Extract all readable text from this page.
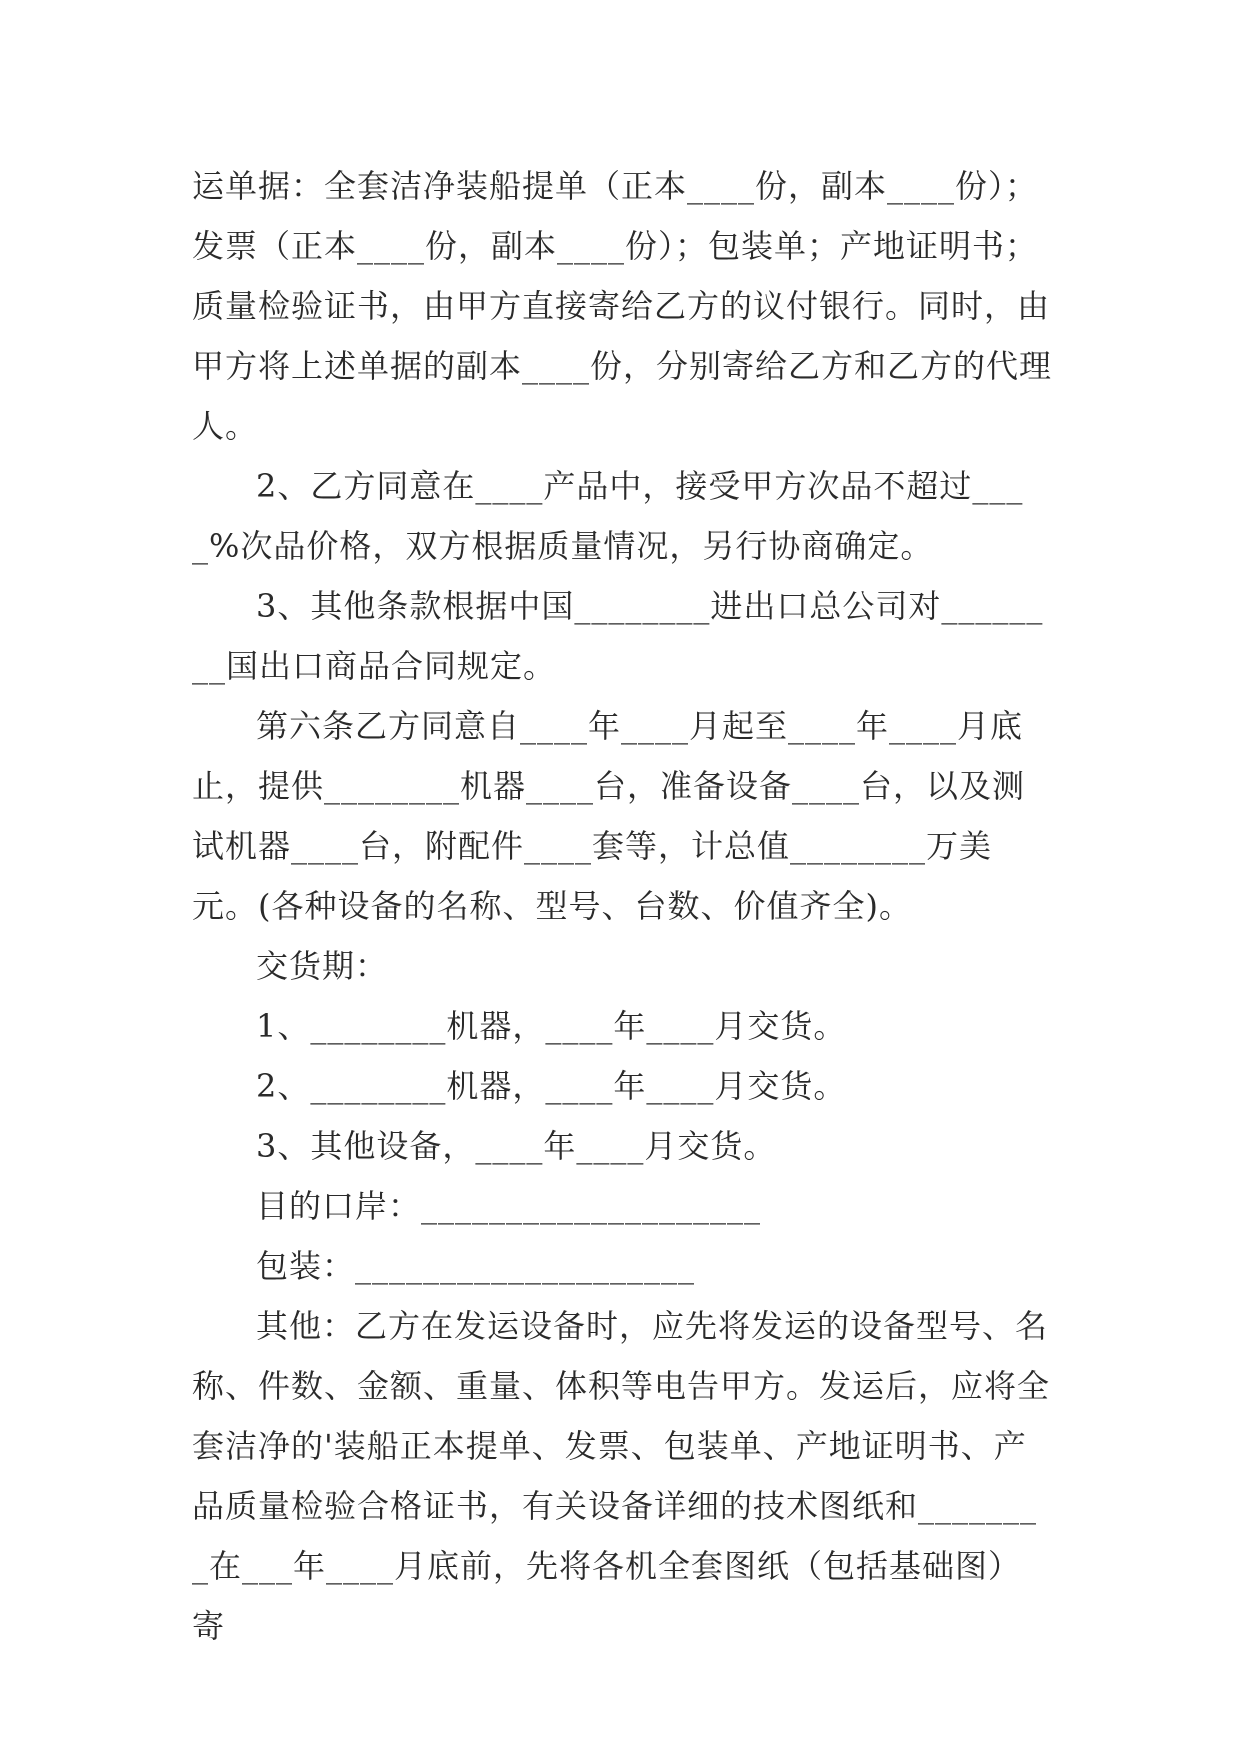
运单据：全套洁净装船提单（正本____份，副本____份）；发票（正本____份，副本____份）；包装单；产地证明书；质量检验证书，由甲方直接寄给乙方的议付银行。同时，由甲方将上述单据的副本____份，分别寄给乙方和乙方的代理人。

2、乙方同意在____产品中，接受甲方次品不超过____%次品价格，双方根据质量情况，另行协商确定。

3、其他条款根据中国________进出口总公司对________国出口商品合同规定。

第六条乙方同意自____年____月起至____年____月底止，提供________机器____台，准备设备____台，以及测试机器____台，附配件____套等，计总值________万美元。(各种设备的名称、型号、台数、价值齐全)。

交货期：

1、________机器，____年____月交货。

2、________机器，____年____月交货。

3、其他设备，____年____月交货。

目的口岸：____________________

包装：____________________

其他：乙方在发运设备时，应先将发运的设备型号、名称、件数、金额、重量、体积等电告甲方。发运后，应将全套洁净的'装船正本提单、发票、包装单、产地证明书、产品质量检验合格证书，有关设备详细的技术图纸和________在___年____月底前，先将各机全套图纸（包括基础图）寄
